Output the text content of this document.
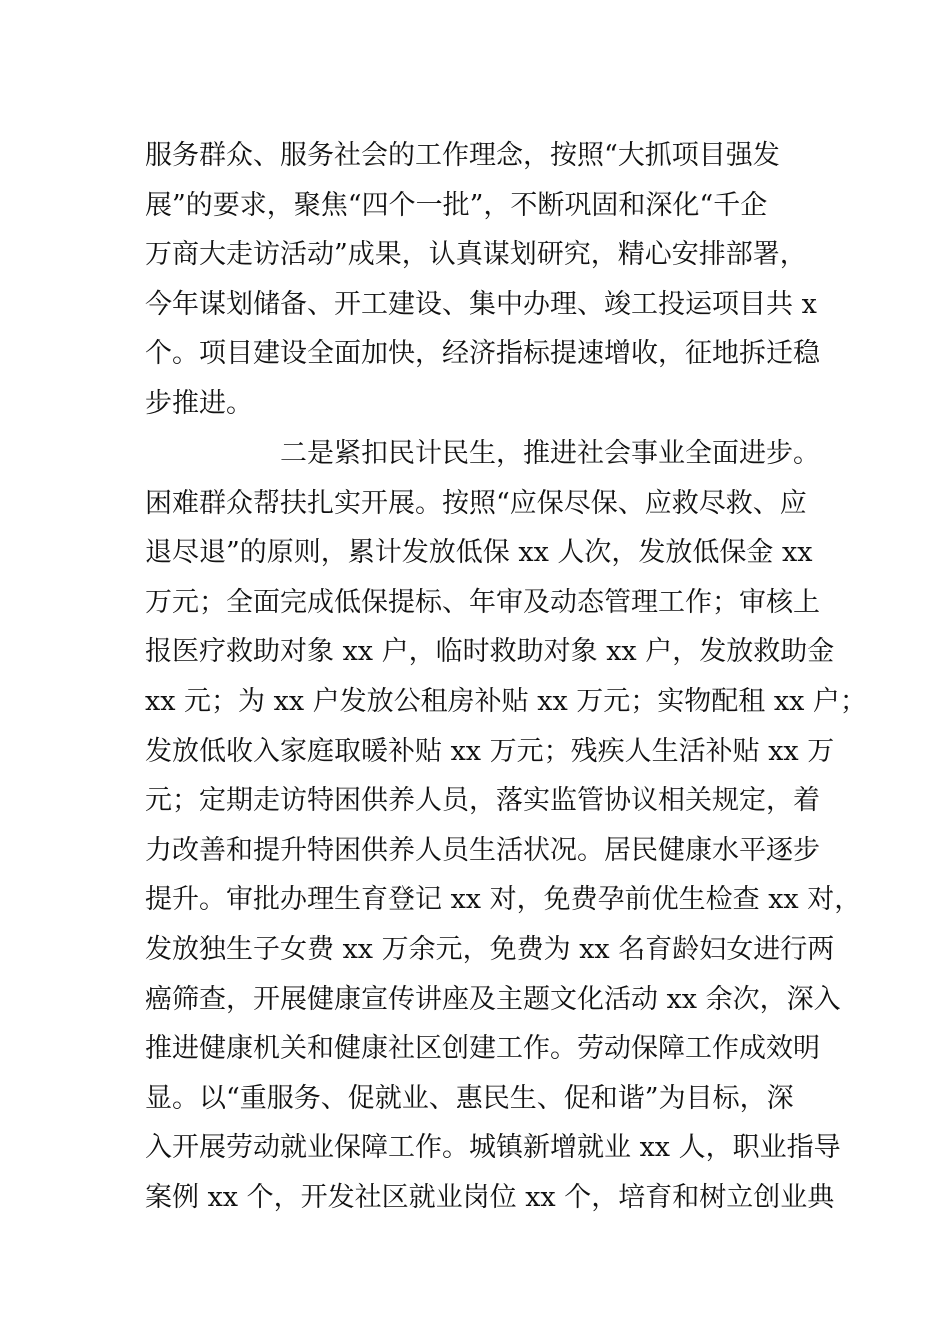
服务群众、服务社会的工作理念，按照“大抓项目强发
展”的要求，聚焦“四个一批”，不断巩固和深化“千企
万商大走访活动”成果，认真谋划研究，精心安排部署，
今年谋划储备、开工建设、集中办理、竣工投运项目共 x
个。项目建设全面加快，经济指标提速增收，征地拆迁稳
步推进。
二是紧扣民计民生，推进社会事业全面进步。
困难群众帮扶扎实开展。按照“应保尽保、应救尽救、应
退尽退”的原则，累计发放低保 xx 人次，发放低保金 xx
万元；全面完成低保提标、年审及动态管理工作；审核上
报医疗救助对象 xx 户，临时救助对象 xx 户，发放救助金
xx 元；为 xx 户发放公租房补贴 xx 万元；实物配租 xx 户；
发放低收入家庭取暖补贴 xx 万元；残疾人生活补贴 xx 万
元；定期走访特困供养人员，落实监管协议相关规定，着
力改善和提升特困供养人员生活状况。居民健康水平逐步
提升。审批办理生育登记 xx 对，免费孕前优生检查 xx 对，
发放独生子女费 xx 万余元，免费为 xx 名育龄妇女进行两
癌筛查，开展健康宣传讲座及主题文化活动 xx 余次，深入
推进健康机关和健康社区创建工作。劳动保障工作成效明
显。以“重服务、促就业、惠民生、促和谐”为目标，深
入开展劳动就业保障工作。城镇新增就业 xx 人，职业指导
案例 xx 个，开发社区就业岗位 xx 个，培育和树立创业典
